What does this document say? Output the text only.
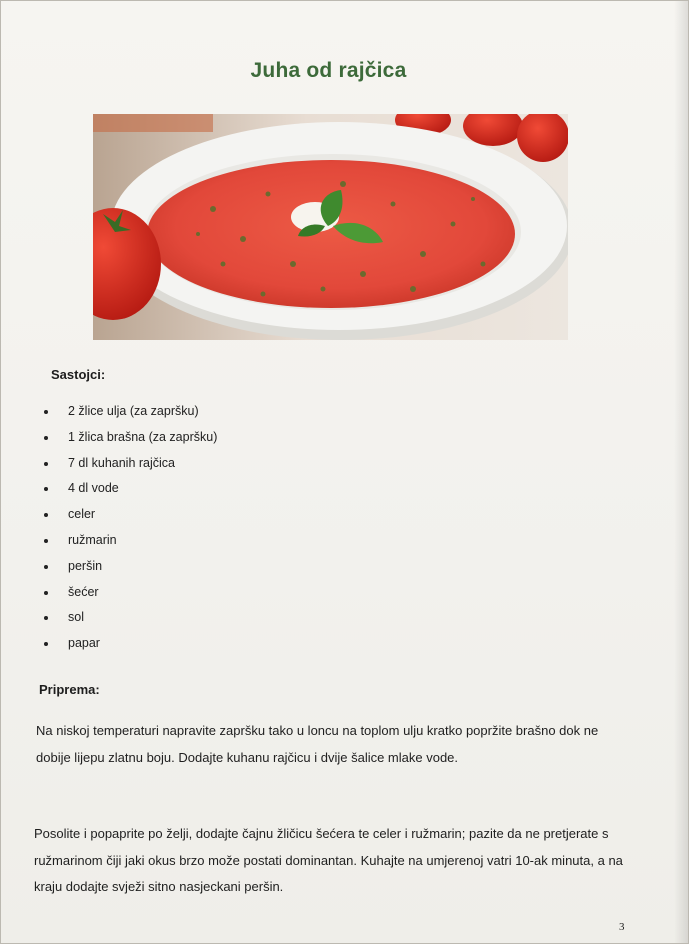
Juha od rajčica
Sastojci:
2 žlice ulja (za zapršku)
1 žlica brašna (za zapršku)
7 dl kuhanih rajčica
4 dl vode
celer
ružmarin
peršin
šećer
sol
papar
Priprema:

Na niskoj temperaturi napravite zapršku tako u loncu na toplom ulju kratko popržite brašno dok ne dobije lijepu zlatnu boju. Dodajte kuhanu rajčicu i dvije šalice mlake vode.

Posolite i popaprite po želji, dodajte čajnu žličicu šećera te celer i ružmarin; pazite da ne pretjerate s ružmarinom čiji jaki okus brzo može postati dominantan. Kuhajte na umjerenoj vatri 10-ak minuta, a na kraju dodajte svježi sitno nasjeckani peršin.

3
